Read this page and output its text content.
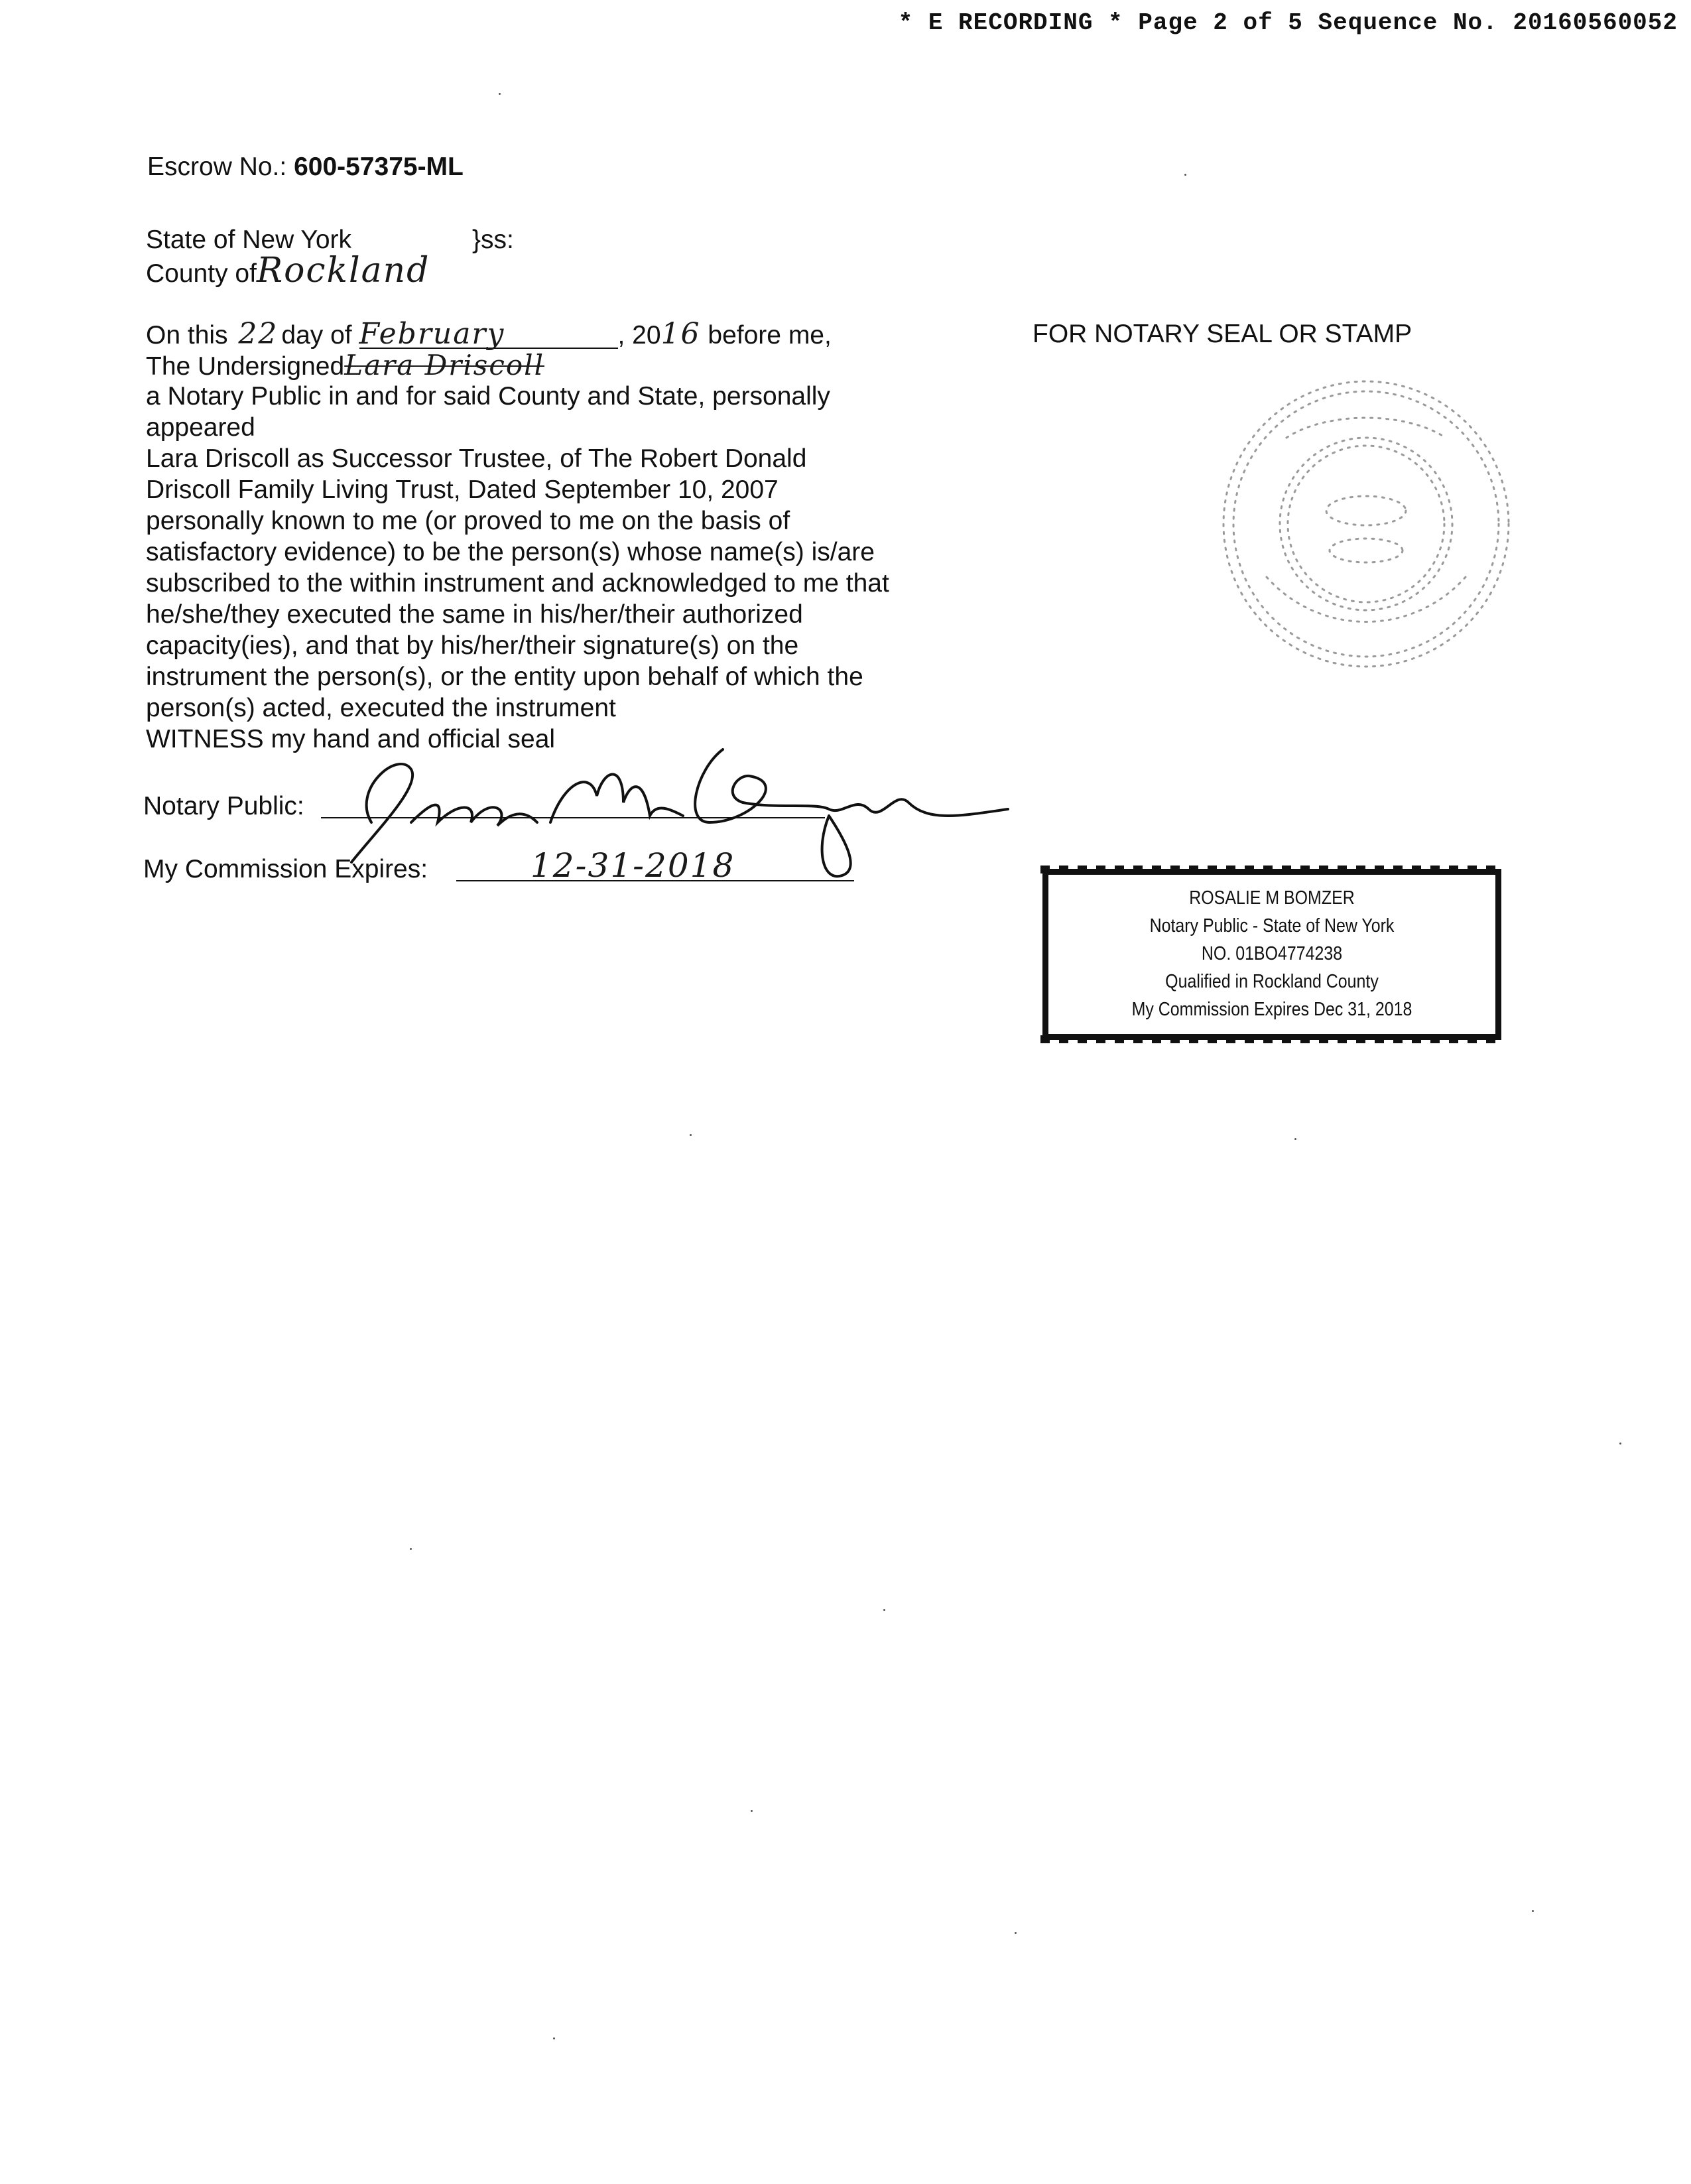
* E RECORDING * Page 2 of 5 Sequence No. 20160560052
Escrow No.: 600-57375-ML
State of New York	}ss:
County ofRockland
On this 22 day of February	, 2016 before me,
The UndersignedLara Driscoll
a Notary Public in and for said County and State, personally
appeared
Lara Driscoll as Successor Trustee, of The Robert Donald
Driscoll Family Living Trust, Dated September 10, 2007
personally known to me (or proved to me on the basis of
satisfactory evidence) to be the person(s) whose name(s) is/are
subscribed to the within instrument and acknowledged to me that
he/she/they executed the same in his/her/their authorized
capacity(ies), and that by his/her/their signature(s) on the
instrument the person(s), or the entity upon behalf of which the
person(s) acted, executed the instrument
WITNESS my hand and official seal
Notary Public:
My Commission Expires:	12-31-2018
FOR NOTARY SEAL OR STAMP
ROSALIE M BOMZER
Notary Public - State of New York
NO. 01BO4774238
Qualified in Rockland County
My Commission Expires Dec 31, 2018
